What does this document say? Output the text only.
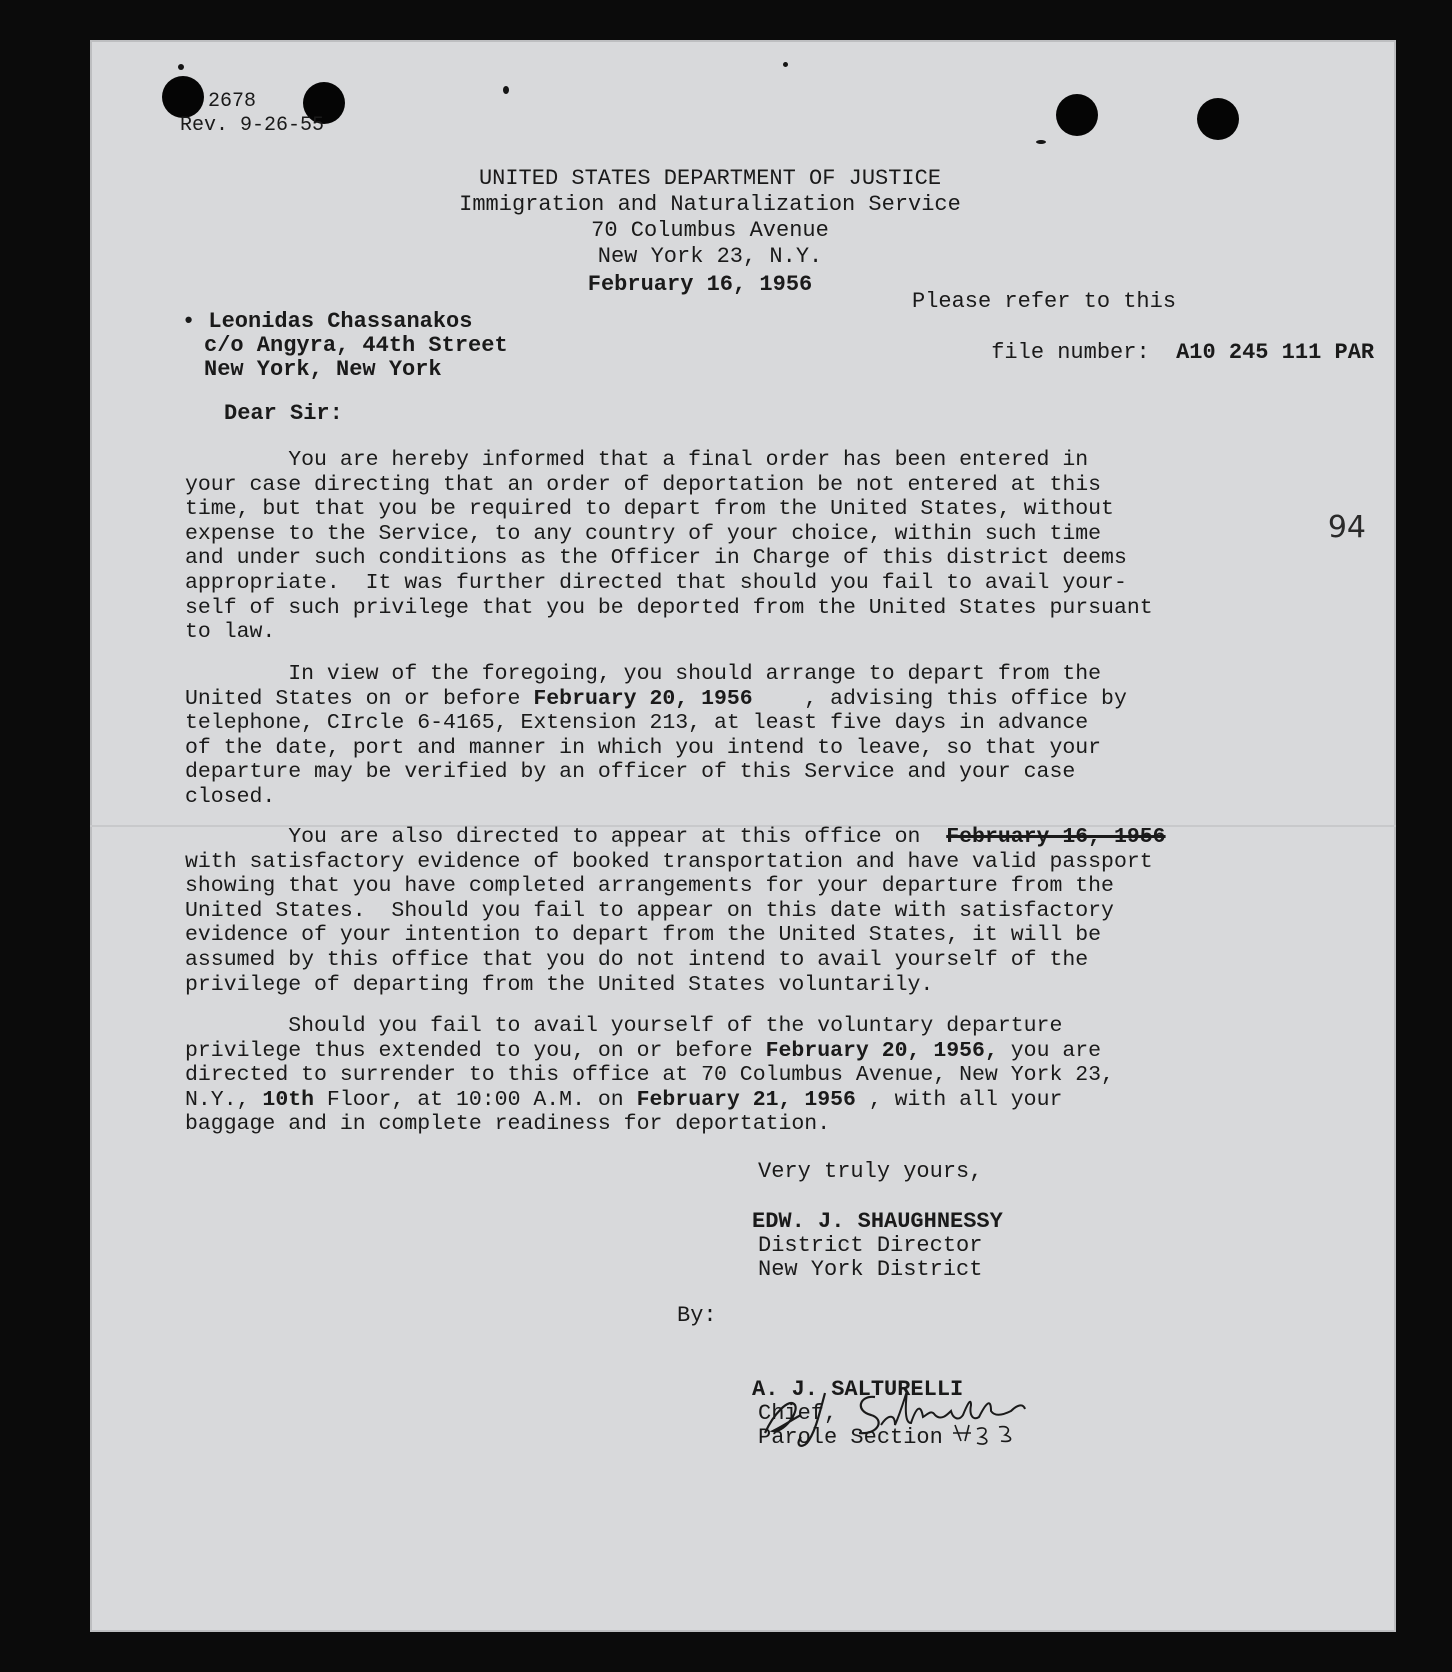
2678
Rev. 9-26-55
UNITED STATES DEPARTMENT OF JUSTICE
Immigration and Naturalization Service
70 Columbus Avenue
New York 23, N.Y.
February 16, 1956
Please refer to this

file number: A10 245 111 PAR

• Leonidas Chassanakos
c/o Angyra, 44th Street
New York, New York
Dear Sir:
94
You are hereby informed that a final order has been entered in
your case directing that an order of deportation be not entered at this
time, but that you be required to depart from the United States, without
expense to the Service, to any country of your choice, within such time
and under such conditions as the Officer in Charge of this district deems
appropriate.  It was further directed that should you fail to avail your-
self of such privilege that you be deported from the United States pursuant
to law.
In view of the foregoing, you should arrange to depart from the
United States on or before February 20, 1956    , advising this office by
telephone, CIrcle 6-4165, Extension 213, at least five days in advance
of the date, port and manner in which you intend to leave, so that your
departure may be verified by an officer of this Service and your case
closed.
You are also directed to appear at this office on  February 16, 1956
with satisfactory evidence of booked transportation and have valid passport
showing that you have completed arrangements for your departure from the
United States.  Should you fail to appear on this date with satisfactory
evidence of your intention to depart from the United States, it will be
assumed by this office that you do not intend to avail yourself of the
privilege of departing from the United States voluntarily.
Should you fail to avail yourself of the voluntary departure
privilege thus extended to you, on or before February 20, 1956, you are
directed to surrender to this office at 70 Columbus Avenue, New York 23,
N.Y., 10th Floor, at 10:00 A.M. on February 21, 1956 , with all your
baggage and in complete readiness for deportation.
Very truly yours,
EDW. J. SHAUGHNESSY
District Director
New York District
By:
A. J. SALTURELLI
Chief,
Parole Section
